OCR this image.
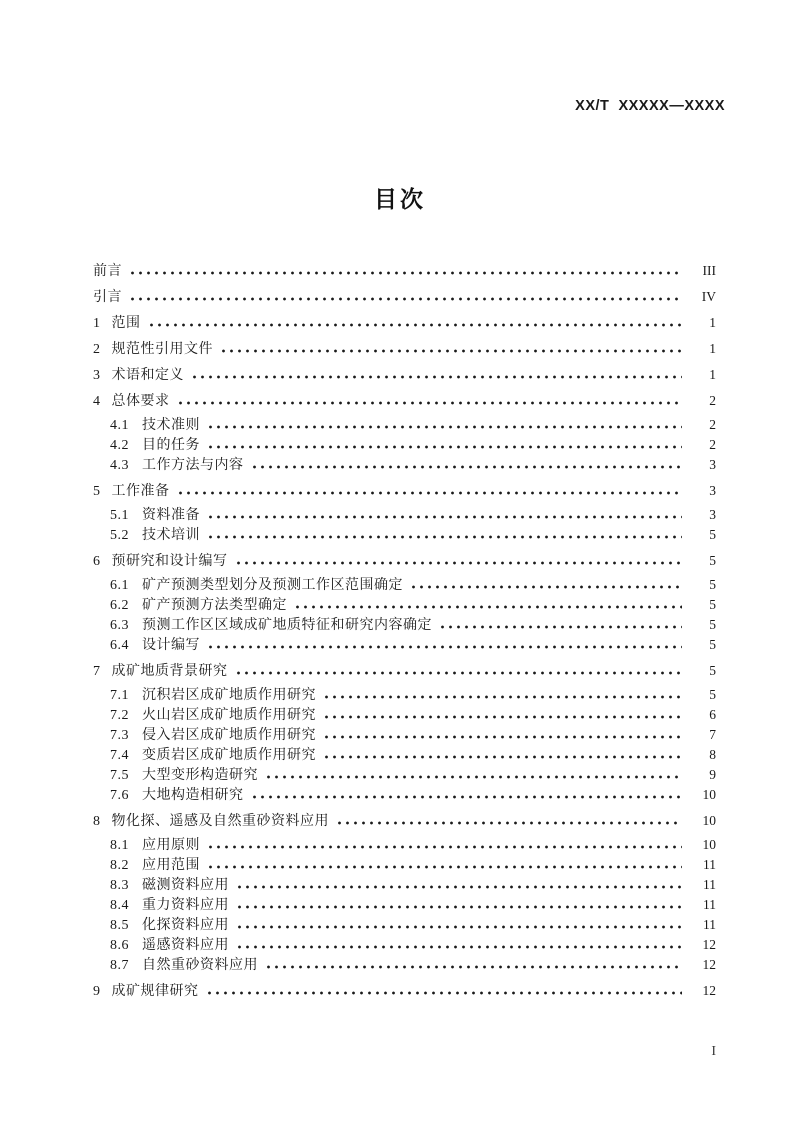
XX/T  XXXXX—XXXX
目次
前言	III
引言	IV
1 范围	1
2 规范性引用文件	1
3 术语和定义	1
4 总体要求	2
4.1 技术准则	2
4.2 目的任务	2
4.3 工作方法与内容	3
5 工作准备	3
5.1 资料准备	3
5.2 技术培训	5
6 预研究和设计编写	5
6.1 矿产预测类型划分及预测工作区范围确定	5
6.2 矿产预测方法类型确定	5
6.3 预测工作区区域成矿地质特征和研究内容确定	5
6.4 设计编写	5
7 成矿地质背景研究	5
7.1 沉积岩区成矿地质作用研究	5
7.2 火山岩区成矿地质作用研究	6
7.3 侵入岩区成矿地质作用研究	7
7.4 变质岩区成矿地质作用研究	8
7.5 大型变形构造研究	9
7.6 大地构造相研究	10
8 物化探、遥感及自然重砂资料应用	10
8.1 应用原则	10
8.2 应用范围	11
8.3 磁测资料应用	11
8.4 重力资料应用	11
8.5 化探资料应用	11
8.6 遥感资料应用	12
8.7 自然重砂资料应用	12
9 成矿规律研究	12
I
